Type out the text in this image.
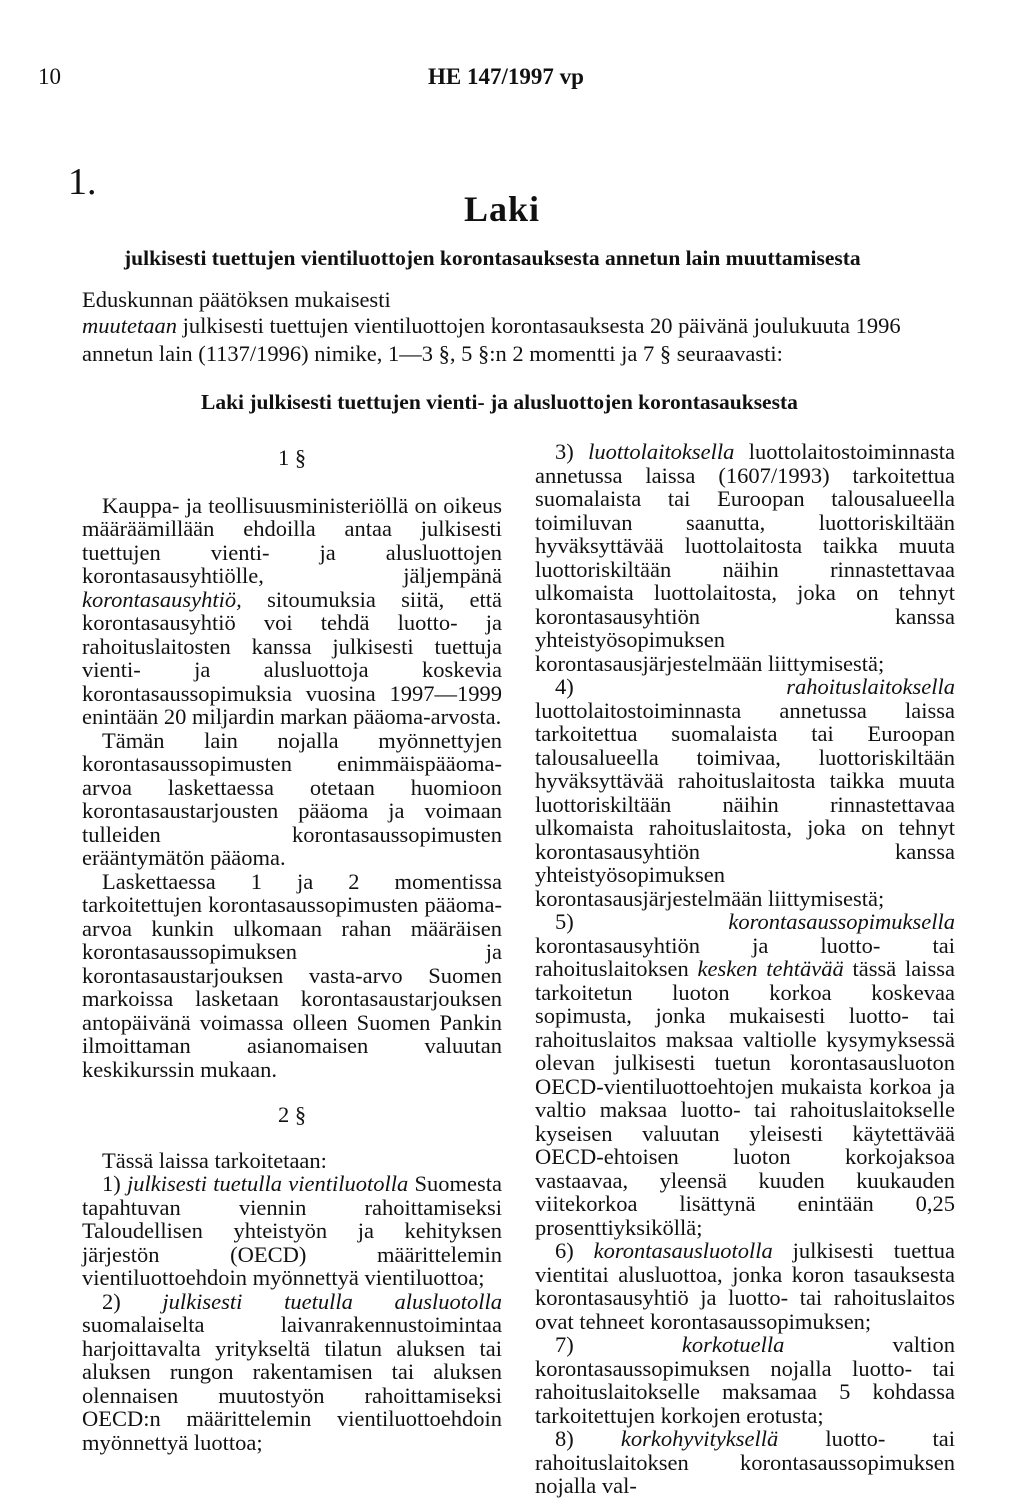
10	HE 147/1997 vp
1.
Laki
julkisesti tuettujen vientiluottojen korontasauksesta annetun lain muuttamisesta
Eduskunnan päätöksen mukaisesti
muutetaan julkisesti tuettujen vientiluottojen korontasauksesta 20 päivänä joulukuuta 1996
annetun lain (1137/1996) nimike, 1—3 §, 5 §:n 2 momentti ja 7 § seuraavasti:
Laki julkisesti tuettujen vienti- ja alusluottojen korontasauksesta
1 §

Kauppa- ja teollisuusministeriöllä on oikeus määräämillään ehdoilla antaa julkisesti tuettujen vienti- ja alusluottojen korontasausyhtiölle,	jäljempänä korontasausyhtiö, sitoumuksia siitä, että korontasausyhtiö voi tehdä luotto- ja rahoituslaitosten kanssa julkisesti tuettuja vienti- ja alusluottoja koskevia korontasaussopimuksia vuosina 1997—1999 enintään 20 miljardin markan pääoma-arvosta.

Tämän lain nojalla myönnettyjen korontasaussopimusten enimmäispääoma-arvoa laskettaessa otetaan huomioon korontasaustarjousten pääoma ja voimaan tulleiden korontasaussopimusten erääntymätön pääoma.

Laskettaessa 1 ja 2 momentissa tarkoitettujen korontasaussopimusten pääoma-arvoa kunkin ulkomaan rahan määräisen korontasaussopimuksen ja korontasaustarjouksen vasta-arvo Suomen markoissa lasketaan korontasaustarjouksen antopäivänä voimassa olleen Suomen Pankin ilmoittaman asianomaisen valuutan keskikurssin mukaan.

2 §

Tässä laissa tarkoitetaan:

1) julkisesti tuetulla vientiluotolla Suomesta tapahtuvan viennin rahoittamiseksi Taloudellisen yhteistyön ja kehityksen järjestön (OECD) määrittelemin vientiluottoehdoin myönnettyä vientiluottoa;

2) julkisesti tuetulla alusluotolla suomalaiselta laivanrakennustoimintaa harjoittavalta yritykseltä tilatun aluksen tai aluksen rungon rakentamisen tai aluksen olennaisen muutostyön rahoittamiseksi OECD:n määrittelemin vientiluottoehdoin myönnettyä luottoa;

3) luottolaitoksella luottolaitostoiminnasta annetussa laissa (1607/1993) tarkoitettua suomalaista tai Euroopan talousalueella toimiluvan saanutta, luottoriskiltään hyväksyttävää luottolaitosta taikka muuta luottoriskiltään näihin rinnastettavaa ulkomaista luottolaitosta, joka on tehnyt korontasausyhtiön kanssa yhteistyösopimuksen korontasausjärjestelmään liittymisestä;

4)	rahoituslaitoksella luottolaitostoiminnasta annetussa laissa tarkoitettua suomalaista tai Euroopan talousalueella toimivaa, luottoriskiltään hyväksyttävää rahoituslaitosta taikka muuta luottoriskiltään näihin rinnastettavaa ulkomaista rahoituslaitosta, joka on tehnyt korontasausyhtiön kanssa yhteistyösopimuksen korontasausjärjestelmään liittymisestä;

5)	korontasaussopimuksella korontasausyhtiön ja luotto- tai rahoituslaitoksen kesken tehtävää tässä laissa tarkoitetun luoton korkoa koskevaa sopimusta, jonka mukaisesti luotto- tai rahoituslaitos maksaa valtiolle kysymyksessä olevan julkisesti tuetun korontasausluoton OECD-vientiluottoehtojen mukaista korkoa ja valtio maksaa luotto- tai rahoituslaitokselle kyseisen valuutan yleisesti käytettävää OECD-ehtoisen luoton korkojaksoa vastaavaa, yleensä kuuden kuukauden viitekorkoa lisättynä enintään 0,25 prosenttiyksiköllä;

6) korontasausluotolla julkisesti tuettua vientitai alusluottoa, jonka koron tasauksesta korontasausyhtiö ja luotto- tai rahoituslaitos ovat tehneet korontasaussopimuksen;

7)	korkotuella	valtion korontasaussopimuksen nojalla luotto- tai rahoituslaitokselle maksamaa 5 kohdassa tarkoitettujen korkojen erotusta;

8) korkohyvityksellä luotto- tai rahoituslaitoksen korontasaussopimuksen nojalla val-
